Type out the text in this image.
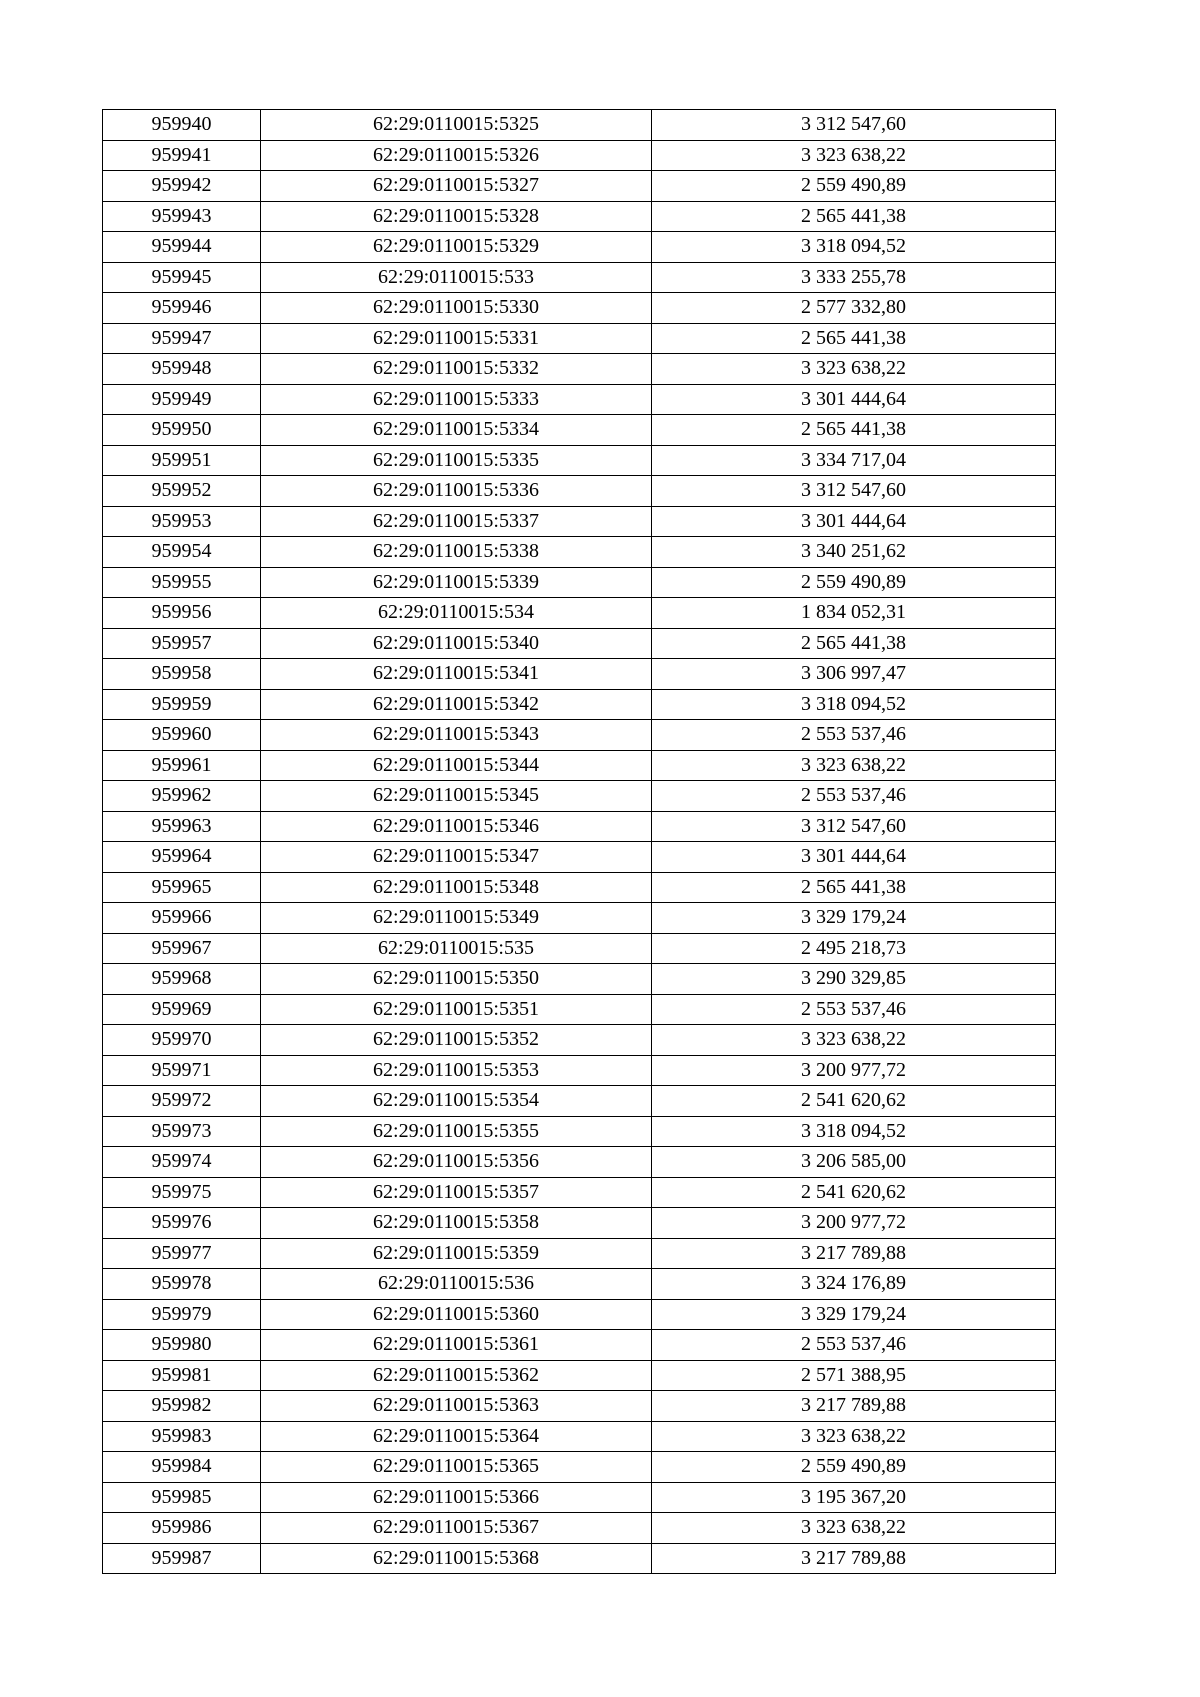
959940	62:29:0110015:5325	3 312 547,60
959941	62:29:0110015:5326	3 323 638,22
959942	62:29:0110015:5327	2 559 490,89
959943	62:29:0110015:5328	2 565 441,38
959944	62:29:0110015:5329	3 318 094,52
959945	62:29:0110015:533	3 333 255,78
959946	62:29:0110015:5330	2 577 332,80
959947	62:29:0110015:5331	2 565 441,38
959948	62:29:0110015:5332	3 323 638,22
959949	62:29:0110015:5333	3 301 444,64
959950	62:29:0110015:5334	2 565 441,38
959951	62:29:0110015:5335	3 334 717,04
959952	62:29:0110015:5336	3 312 547,60
959953	62:29:0110015:5337	3 301 444,64
959954	62:29:0110015:5338	3 340 251,62
959955	62:29:0110015:5339	2 559 490,89
959956	62:29:0110015:534	1 834 052,31
959957	62:29:0110015:5340	2 565 441,38
959958	62:29:0110015:5341	3 306 997,47
959959	62:29:0110015:5342	3 318 094,52
959960	62:29:0110015:5343	2 553 537,46
959961	62:29:0110015:5344	3 323 638,22
959962	62:29:0110015:5345	2 553 537,46
959963	62:29:0110015:5346	3 312 547,60
959964	62:29:0110015:5347	3 301 444,64
959965	62:29:0110015:5348	2 565 441,38
959966	62:29:0110015:5349	3 329 179,24
959967	62:29:0110015:535	2 495 218,73
959968	62:29:0110015:5350	3 290 329,85
959969	62:29:0110015:5351	2 553 537,46
959970	62:29:0110015:5352	3 323 638,22
959971	62:29:0110015:5353	3 200 977,72
959972	62:29:0110015:5354	2 541 620,62
959973	62:29:0110015:5355	3 318 094,52
959974	62:29:0110015:5356	3 206 585,00
959975	62:29:0110015:5357	2 541 620,62
959976	62:29:0110015:5358	3 200 977,72
959977	62:29:0110015:5359	3 217 789,88
959978	62:29:0110015:536	3 324 176,89
959979	62:29:0110015:5360	3 329 179,24
959980	62:29:0110015:5361	2 553 537,46
959981	62:29:0110015:5362	2 571 388,95
959982	62:29:0110015:5363	3 217 789,88
959983	62:29:0110015:5364	3 323 638,22
959984	62:29:0110015:5365	2 559 490,89
959985	62:29:0110015:5366	3 195 367,20
959986	62:29:0110015:5367	3 323 638,22
959987	62:29:0110015:5368	3 217 789,88
